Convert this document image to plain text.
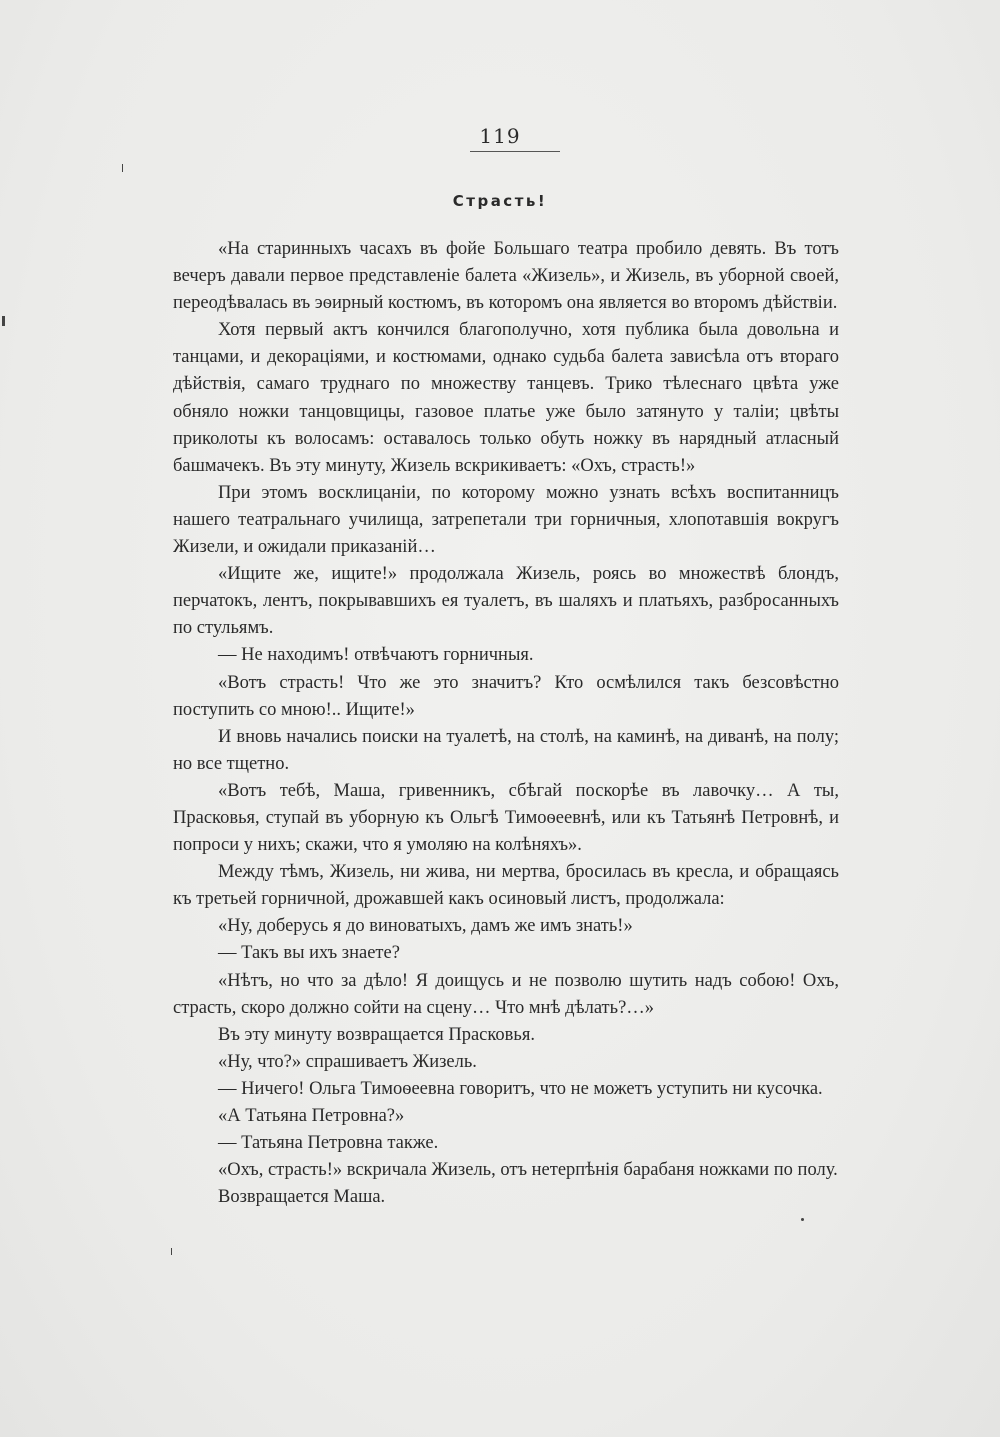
119
Страсть!

«На старинныхъ часахъ въ фойе Большаго театра пробило девять. Въ тотъ вечеръ давали первое представленіе балета «Жизель», и Жизель, въ уборной своей, переодѣвалась въ эѳирный костюмъ, въ которомъ она является во второмъ дѣйствіи.

Хотя первый актъ кончился благополучно, хотя публика была довольна и танцами, и декораціями, и костюмами, однако судьба балета зависѣла отъ втораго дѣйствія, самаго труднаго по множеству танцевъ. Трико тѣлеснаго цвѣта уже обняло ножки танцовщицы, газовое платье уже было затянуто у таліи; цвѣты приколоты къ волосамъ: оставалось только обуть ножку въ нарядный атласный башмачекъ. Въ эту минуту, Жизель вскрикиваетъ: «Охъ, страсть!»

При этомъ восклицаніи, по которому можно узнать всѣхъ воспитанницъ нашего театральнаго училища, затрепетали три горничныя, хлопотавшія вокругъ Жизели, и ожидали приказаній…

«Ищите же, ищите!» продолжала Жизель, роясь во множествѣ блондъ, перчатокъ, лентъ, покрывавшихъ ея туалетъ, въ шаляхъ и платьяхъ, разбросанныхъ по стульямъ.

— Не находимъ! отвѣчаютъ горничныя.

«Вотъ страсть! Что же это значитъ? Кто осмѣлился такъ безсовѣстно поступить со мною!.. Ищите!»

И вновь начались поиски на туалетѣ, на столѣ, на каминѣ, на диванѣ, на полу; но все тщетно.

«Вотъ тебѣ, Маша, гривенникъ, сбѣгай поскорѣе въ лавочку… А ты, Прасковья, ступай въ уборную къ Ольгѣ Тимоѳеевнѣ, или къ Татьянѣ Петровнѣ, и попроси у нихъ; скажи, что я умоляю на колѣняхъ».

Между тѣмъ, Жизель, ни жива, ни мертва, бросилась въ кресла, и обращаясь къ третьей горничной, дрожавшей какъ осиновый листъ, продолжала:

«Ну, доберусь я до виноватыхъ, дамъ же имъ знать!»

— Такъ вы ихъ знаете?

«Нѣтъ, но что за дѣло! Я доищусь и не позволю шутить надъ собою! Охъ, страсть, скоро должно сойти на сцену… Что мнѣ дѣлать?…»

Въ эту минуту возвращается Прасковья.

«Ну, что?» спрашиваетъ Жизель.

— Ничего! Ольга Тимоѳеевна говоритъ, что не можетъ уступить ни кусочка.

«А Татьяна Петровна?»

— Татьяна Петровна также.

«Охъ, страсть!» вскричала Жизель, отъ нетерпѣнія барабаня ножками по полу.

Возвращается Маша.
